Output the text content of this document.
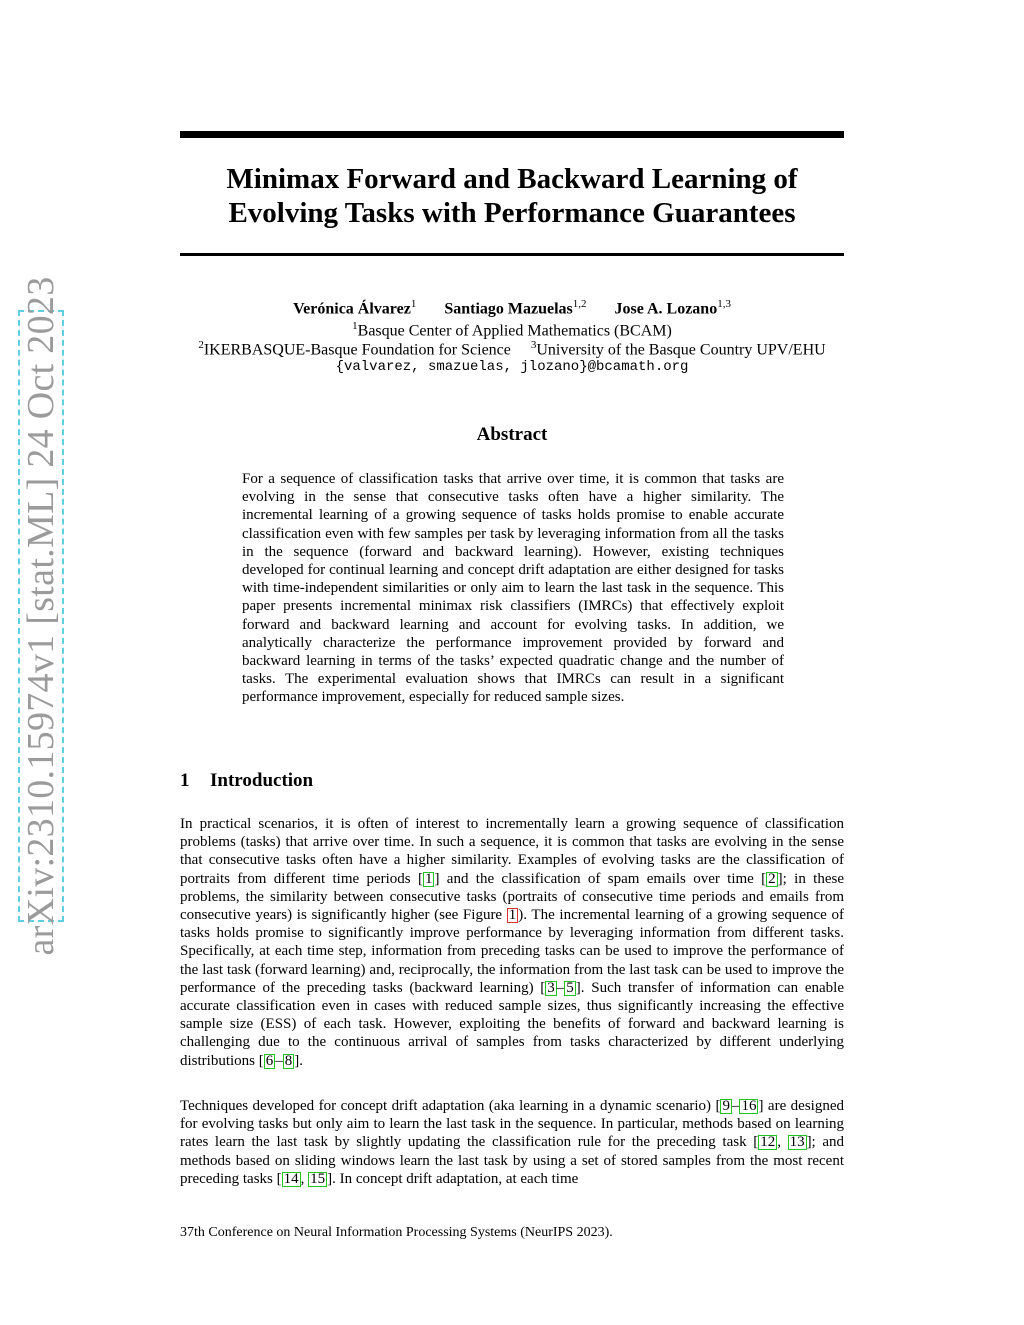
arXiv:2310.15974v1 [stat.ML] 24 Oct 2023
Minimax Forward and Backward Learning of
Evolving Tasks with Performance Guarantees
Verónica Álvarez$^1$ Santiago Mazuelas$^{1,2}$ Jose A. Lozano$^{1,3}$
$^1$Basque Center of Applied Mathematics (BCAM)
$^2$IKERBASQUE-Basque Foundation for Science $^3$University of the Basque Country UPV/EHU
{valvarez, smazuelas, jlozano}@bcamath.org
Abstract
For a sequence of classification tasks that arrive over time, it is common that tasks are evolving in the sense that consecutive tasks often have a higher similarity. The incremental learning of a growing sequence of tasks holds promise to enable accurate classification even with few samples per task by leveraging information from all the tasks in the sequence (forward and backward learning). However, existing techniques developed for continual learning and concept drift adaptation are either designed for tasks with time-independent similarities or only aim to learn the last task in the sequence. This paper presents incremental minimax risk classifiers (IMRCs) that effectively exploit forward and backward learning and account for evolving tasks. In addition, we analytically characterize the performance improvement provided by forward and backward learning in terms of the tasks’ expected quadratic change and the number of tasks. The experimental evaluation shows that IMRCs can result in a significant performance improvement, especially for reduced sample sizes.
1 Introduction
In practical scenarios, it is often of interest to incrementally learn a growing sequence of classification problems (tasks) that arrive over time. In such a sequence, it is common that tasks are evolving in the sense that consecutive tasks often have a higher similarity. Examples of evolving tasks are the classification of portraits from different time periods [ 1 ] and the classification of spam emails over time [ 2 ]; in these problems, the similarity between consecutive tasks (portraits of consecutive time periods and emails from consecutive years) is significantly higher (see Figure 1 ). The incremental learning of a growing sequence of tasks holds promise to significantly improve performance by leveraging information from different tasks. Specifically, at each time step, information from preceding tasks can be used to improve the performance of the last task (forward learning) and, reciprocally, the information from the last task can be used to improve the performance of the preceding tasks (backward learning) [ 3 – 5 ]. Such transfer of information can enable accurate classification even in cases with reduced sample sizes, thus significantly increasing the effective sample size (ESS) of each task. However, exploiting the benefits of forward and backward learning is challenging due to the continuous arrival of samples from tasks characterized by different underlying distributions [ 6 – 8 ].
Techniques developed for concept drift adaptation (aka learning in a dynamic scenario) [ 9 – 16 ] are designed for evolving tasks but only aim to learn the last task in the sequence. In particular, methods based on learning rates learn the last task by slightly updating the classification rule for the preceding task [ 12 , 13 ]; and methods based on sliding windows learn the last task by using a set of stored samples from the most recent preceding tasks [ 14 , 15 ]. In concept drift adaptation, at each time
37th Conference on Neural Information Processing Systems (NeurIPS 2023).
